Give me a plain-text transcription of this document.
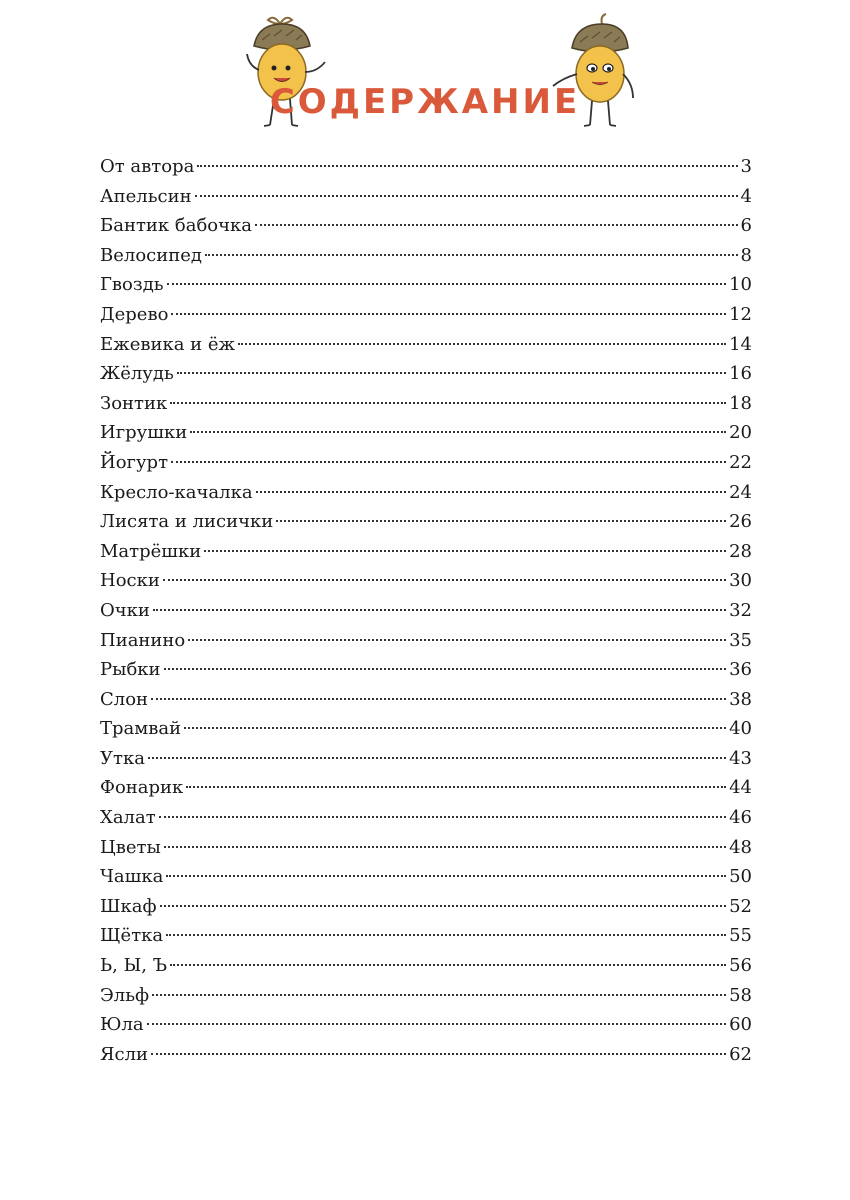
СОДЕРЖАНИЕ
От автора	3
Апельсин	4
Бантик бабочка	6
Велосипед	8
Гвоздь	10
Дерево	12
Ежевика и ёж	14
Жёлудь	16
Зонтик	18
Игрушки	20
Йогурт	22
Кресло-качалка	24
Лисята и лисички	26
Матрёшки	28
Носки	30
Очки	32
Пианино	35
Рыбки	36
Слон	38
Трамвай	40
Утка	43
Фонарик	44
Халат	46
Цветы	48
Чашка	50
Шкаф	52
Щётка	55
Ь, Ы, Ъ	56
Эльф	58
Юла	60
Ясли	62
